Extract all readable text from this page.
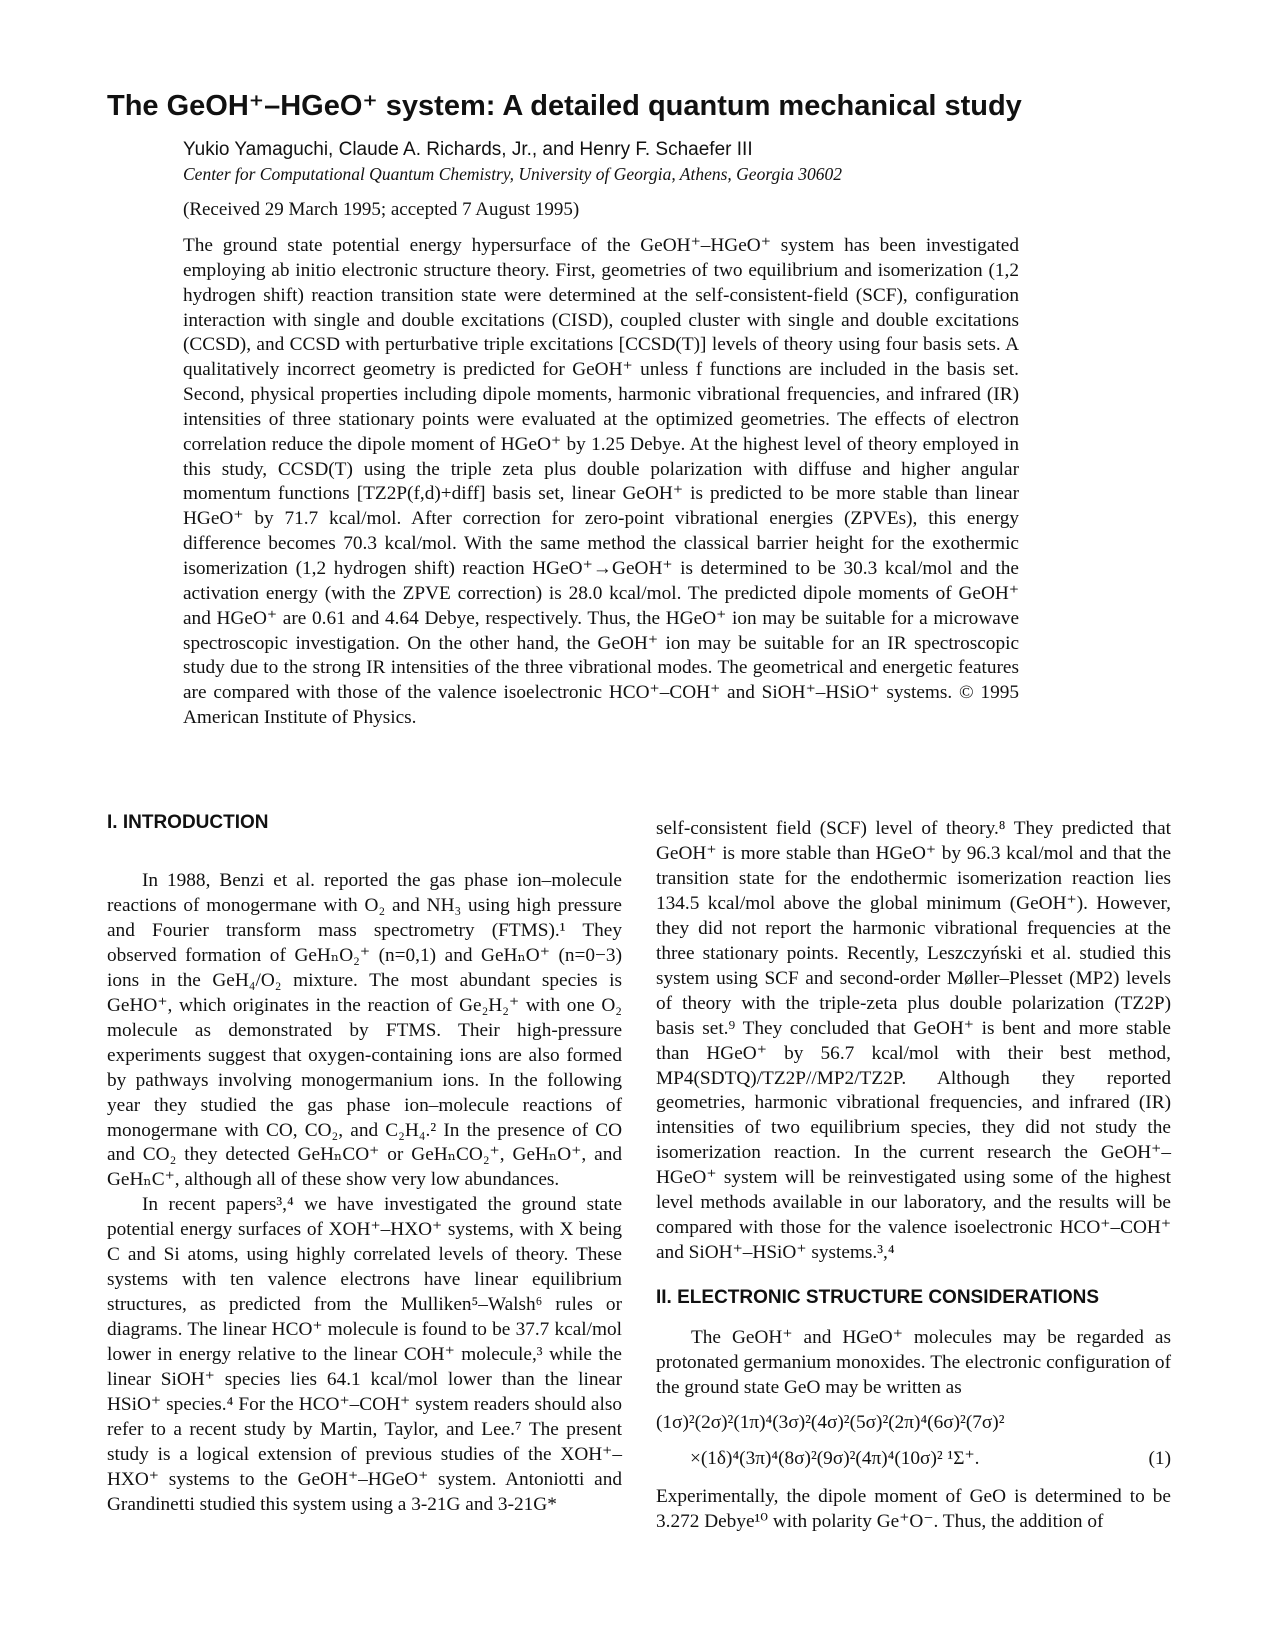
The GeOH⁺–HGeO⁺ system: A detailed quantum mechanical study
Yukio Yamaguchi, Claude A. Richards, Jr., and Henry F. Schaefer III
Center for Computational Quantum Chemistry, University of Georgia, Athens, Georgia 30602
(Received 29 March 1995; accepted 7 August 1995)
The ground state potential energy hypersurface of the GeOH⁺–HGeO⁺ system has been investigated employing ab initio electronic structure theory. First, geometries of two equilibrium and isomerization (1,2 hydrogen shift) reaction transition state were determined at the self-consistent-field (SCF), configuration interaction with single and double excitations (CISD), coupled cluster with single and double excitations (CCSD), and CCSD with perturbative triple excitations [CCSD(T)] levels of theory using four basis sets. A qualitatively incorrect geometry is predicted for GeOH⁺ unless f functions are included in the basis set. Second, physical properties including dipole moments, harmonic vibrational frequencies, and infrared (IR) intensities of three stationary points were evaluated at the optimized geometries. The effects of electron correlation reduce the dipole moment of HGeO⁺ by 1.25 Debye. At the highest level of theory employed in this study, CCSD(T) using the triple zeta plus double polarization with diffuse and higher angular momentum functions [TZ2P(f,d)+diff] basis set, linear GeOH⁺ is predicted to be more stable than linear HGeO⁺ by 71.7 kcal/mol. After correction for zero-point vibrational energies (ZPVEs), this energy difference becomes 70.3 kcal/mol. With the same method the classical barrier height for the exothermic isomerization (1,2 hydrogen shift) reaction HGeO⁺→GeOH⁺ is determined to be 30.3 kcal/mol and the activation energy (with the ZPVE correction) is 28.0 kcal/mol. The predicted dipole moments of GeOH⁺ and HGeO⁺ are 0.61 and 4.64 Debye, respectively. Thus, the HGeO⁺ ion may be suitable for a microwave spectroscopic investigation. On the other hand, the GeOH⁺ ion may be suitable for an IR spectroscopic study due to the strong IR intensities of the three vibrational modes. The geometrical and energetic features are compared with those of the valence isoelectronic HCO⁺–COH⁺ and SiOH⁺–HSiO⁺ systems. © 1995 American Institute of Physics.
I. INTRODUCTION

In 1988, Benzi et al. reported the gas phase ion–molecule reactions of monogermane with O₂ and NH₃ using high pressure and Fourier transform mass spectrometry (FTMS).¹ They observed formation of GeHₙO₂⁺ (n=0,1) and GeHₙO⁺ (n=0−3) ions in the GeH₄/O₂ mixture. The most abundant species is GeHO⁺, which originates in the reaction of Ge₂H₂⁺ with one O₂ molecule as demonstrated by FTMS. Their high-pressure experiments suggest that oxygen-containing ions are also formed by pathways involving monogermanium ions. In the following year they studied the gas phase ion–molecule reactions of monogermane with CO, CO₂, and C₂H₄.² In the presence of CO and CO₂ they detected GeHₙCO⁺ or GeHₙCO₂⁺, GeHₙO⁺, and GeHₙC⁺, although all of these show very low abundances.

In recent papers³,⁴ we have investigated the ground state potential energy surfaces of XOH⁺–HXO⁺ systems, with X being C and Si atoms, using highly correlated levels of theory. These systems with ten valence electrons have linear equilibrium structures, as predicted from the Mulliken⁵–Walsh⁶ rules or diagrams. The linear HCO⁺ molecule is found to be 37.7 kcal/mol lower in energy relative to the linear COH⁺ molecule,³ while the linear SiOH⁺ species lies 64.1 kcal/mol lower than the linear HSiO⁺ species.⁴ For the HCO⁺–COH⁺ system readers should also refer to a recent study by Martin, Taylor, and Lee.⁷ The present study is a logical extension of previous studies of the XOH⁺–HXO⁺ systems to the GeOH⁺–HGeO⁺ system. Antoniotti and Grandinetti studied this system using a 3-21G and 3-21G*

self-consistent field (SCF) level of theory.⁸ They predicted that GeOH⁺ is more stable than HGeO⁺ by 96.3 kcal/mol and that the transition state for the endothermic isomerization reaction lies 134.5 kcal/mol above the global minimum (GeOH⁺). However, they did not report the harmonic vibrational frequencies at the three stationary points. Recently, Leszczyński et al. studied this system using SCF and second-order Møller–Plesset (MP2) levels of theory with the triple-zeta plus double polarization (TZ2P) basis set.⁹ They concluded that GeOH⁺ is bent and more stable than HGeO⁺ by 56.7 kcal/mol with their best method, MP4(SDTQ)/TZ2P//MP2/TZ2P. Although they reported geometries, harmonic vibrational frequencies, and infrared (IR) intensities of two equilibrium species, they did not study the isomerization reaction. In the current research the GeOH⁺–HGeO⁺ system will be reinvestigated using some of the highest level methods available in our laboratory, and the results will be compared with those for the valence isoelectronic HCO⁺–COH⁺ and SiOH⁺–HSiO⁺ systems.³,⁴

II. ELECTRONIC STRUCTURE CONSIDERATIONS

The GeOH⁺ and HGeO⁺ molecules may be regarded as protonated germanium monoxides. The electronic configuration of the ground state GeO may be written as

(1σ)²(2σ)²(1π)⁴(3σ)²(4σ)²(5σ)²(2π)⁴(6σ)²(7σ)²
×(1δ)⁴(3π)⁴(8σ)²(9σ)²(4π)⁴(10σ)² ¹Σ⁺.	(1)

Experimentally, the dipole moment of GeO is determined to be 3.272 Debye¹⁰ with polarity Ge⁺O⁻. Thus, the addition of
